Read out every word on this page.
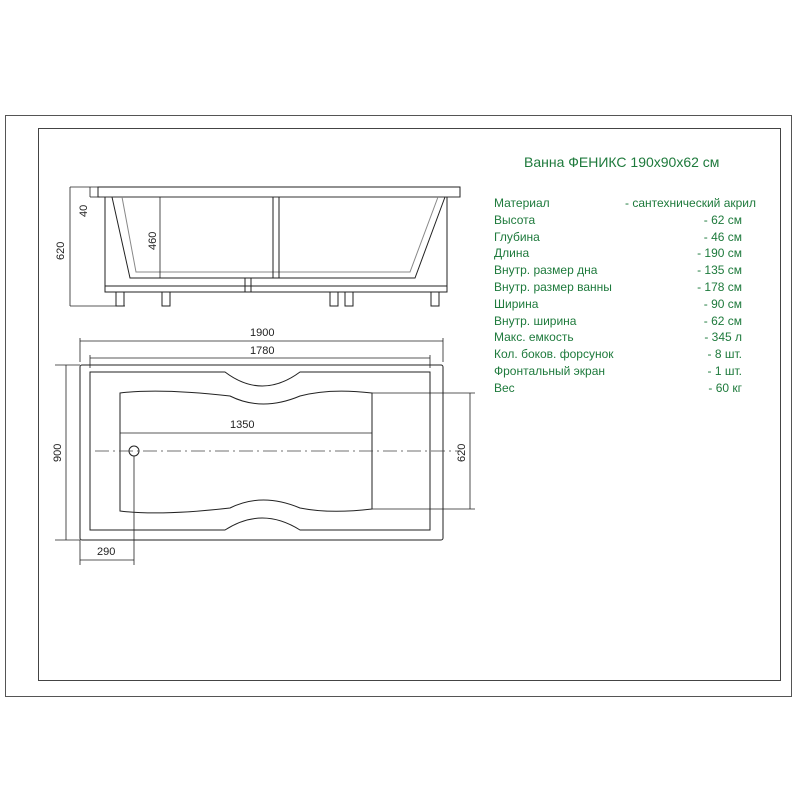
620
40
460
1900
1780
1350
900	620
290
Ванна ФЕНИКС 190x90x62 см
Материал	- сантехнический акрил
Высота	- 62 см
Глубина	- 46 см
Длина	- 190 см
Внутр. размер дна	- 135 см
Внутр. размер ванны	- 178 см
Ширина	- 90 см
Внутр. ширина	- 62 см
Макс. емкость	- 345 л
Кол. боков. форсунок	- 8 шт.
Фронтальный экран	- 1 шт.
Вес	- 60 кг
